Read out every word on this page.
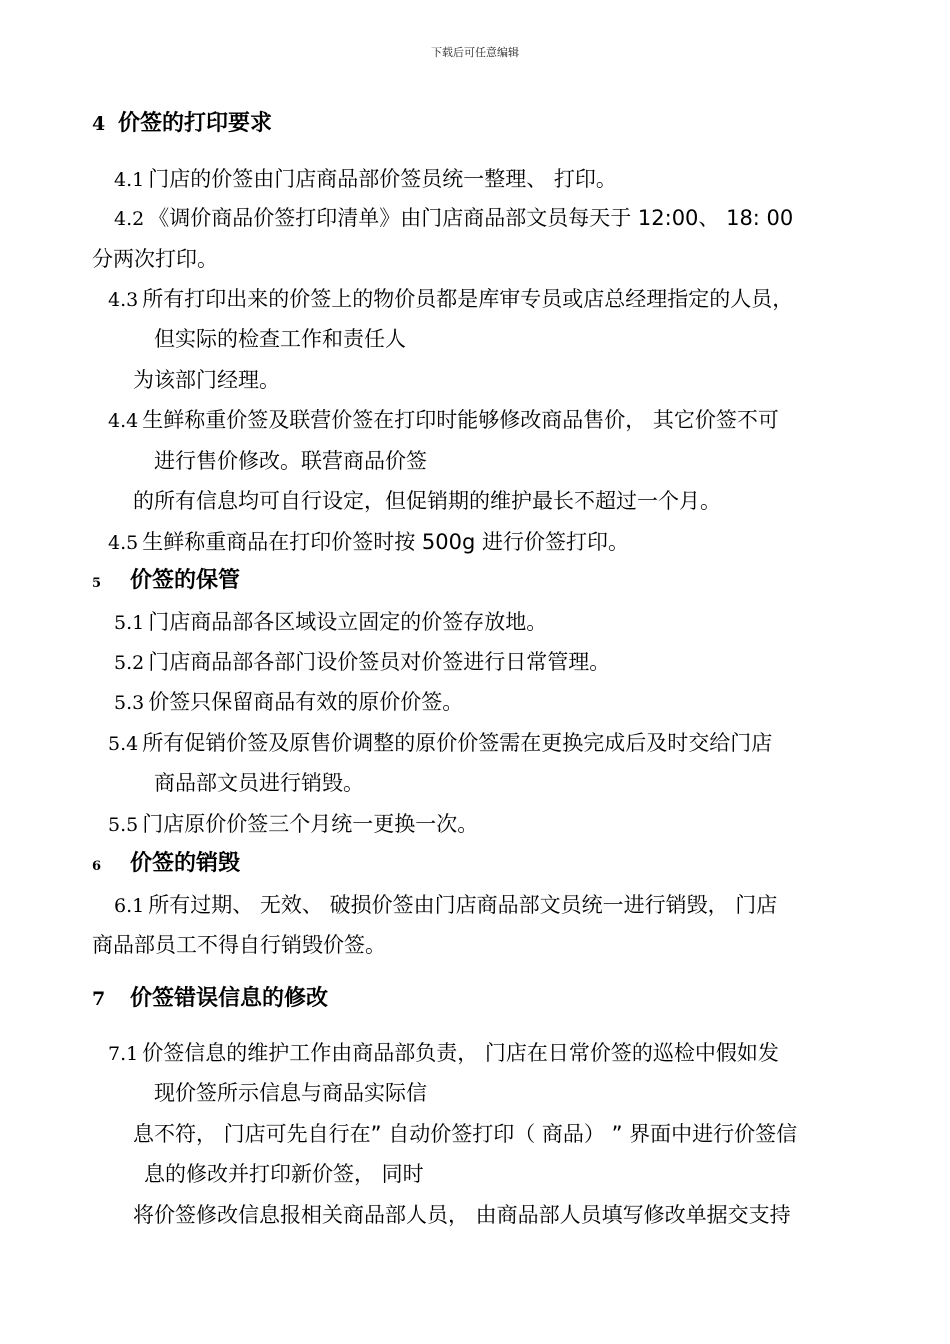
下载后可任意编辑
4 价签的打印要求
4.1 门店的价签由门店商品部价签员统一整理、 打印。
4.2 《调价商品价签打印清单》由门店商品部文员每天于 12:00、 18: 00
分两次打印。
4.3 所有打印出来的价签上的物价员都是库审专员或店总经理指定的人员，
但实际的检查工作和责任人
为该部门经理。
4.4 生鲜称重价签及联营价签在打印时能够修改商品售价， 其它价签不可
进行售价修改。联营商品价签
的所有信息均可自行设定，但促销期的维护最长不超过一个月。
4.5 生鲜称重商品在打印价签时按 500g 进行价签打印。
5 价签的保管
5.1 门店商品部各区域设立固定的价签存放地。
5.2 门店商品部各部门设价签员对价签进行日常管理。
5.3 价签只保留商品有效的原价价签。
5.4 所有促销价签及原售价调整的原价价签需在更换完成后及时交给门店
商品部文员进行销毁。
5.5 门店原价价签三个月统一更换一次。
6 价签的销毁
6.1 所有过期、 无效、 破损价签由门店商品部文员统一进行销毁， 门店
商品部员工不得自行销毁价签。
7 价签错误信息的修改
7.1 价签信息的维护工作由商品部负责， 门店在日常价签的巡检中假如发
现价签所示信息与商品实际信
息不符， 门店可先自行在” 自动价签打印（ 商品） ” 界面中进行价签信
息的修改并打印新价签， 同时
将价签修改信息报相关商品部人员， 由商品部人员填写修改单据交支持
